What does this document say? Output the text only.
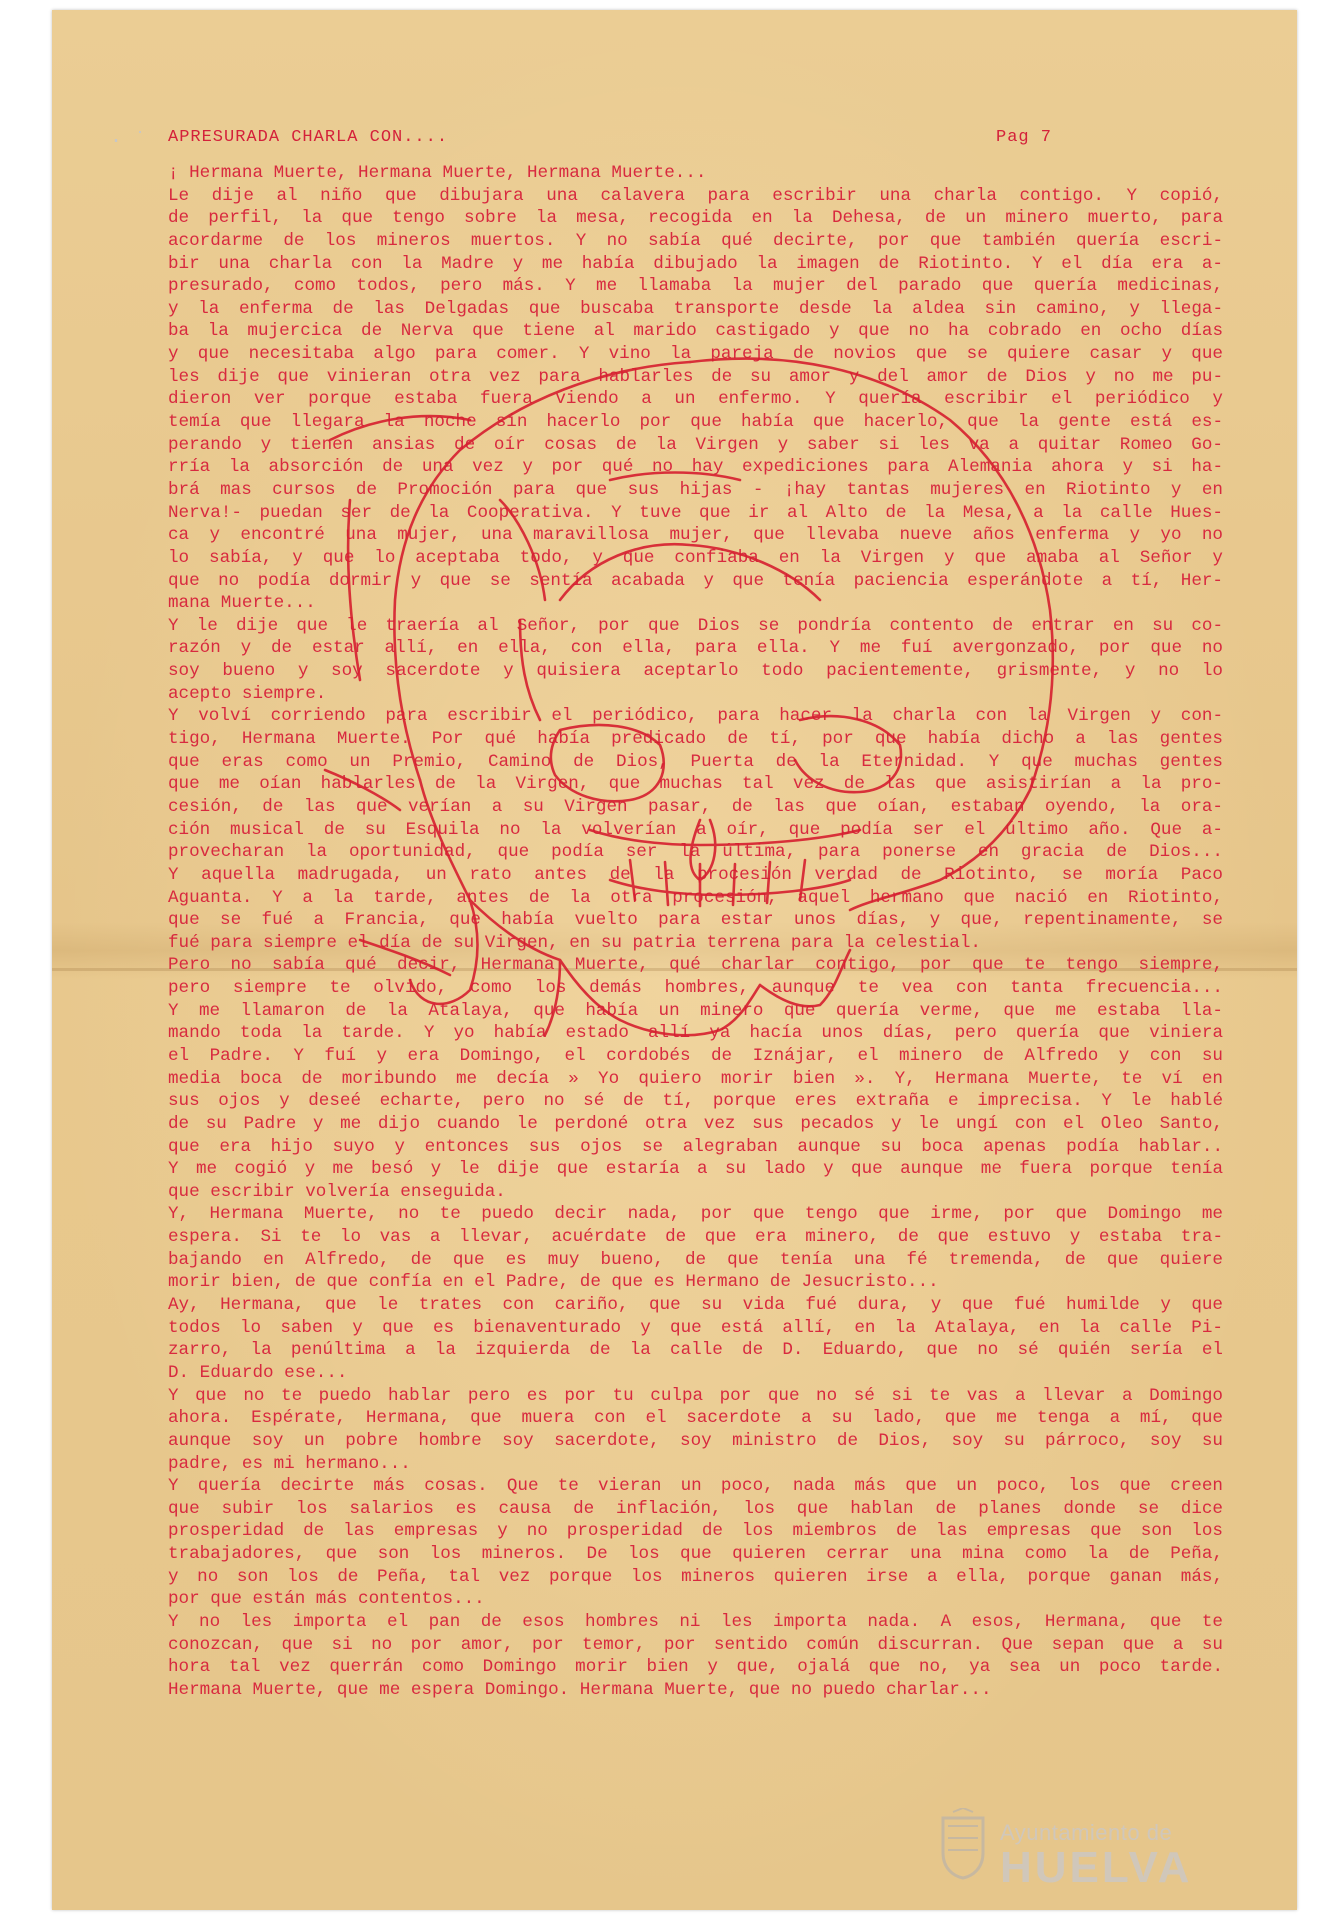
· ˙ APRESURADA CHARLA CON....	Pag 7
¡ Hermana Muerte, Hermana Muerte, Hermana Muerte...
Le dije al niño que dibujara una calavera para escribir una charla contigo. Y copió,
de perfil, la que tengo sobre la mesa, recogida en la Dehesa, de un minero muerto, para
acordarme de los mineros muertos. Y no sabía qué decirte, por que también quería escri-
bir una charla con la Madre y me había dibujado la imagen de Riotinto. Y el día era a-
presurado, como todos, pero más. Y me llamaba la mujer del parado que quería medicinas,
y la enferma de las Delgadas que buscaba transporte desde la aldea sin camino, y llega-
ba la mujercica de Nerva que tiene al marido castigado y que no ha cobrado en ocho días
y que necesitaba algo para comer. Y vino la pareja de novios que se quiere casar y que
les dije que vinieran otra vez para hablarles de su amor y del amor de Dios y no me pu-
dieron ver porque estaba fuera viendo a un enfermo. Y quería escribir el periódico y
temía que llegara la noche sin hacerlo por que había que hacerlo, que la gente está es-
perando y tienen ansias de oír cosas de la Virgen y saber si les va a quitar Romeo Go-
rría la absorción de una vez y por qué no hay expediciones para Alemania ahora y si ha-
brá mas cursos de Promoción para que sus hijas - ¡hay tantas mujeres en Riotinto y en
Nerva!- puedan ser de la Cooperativa. Y tuve que ir al Alto de la Mesa, a la calle Hues-
ca y encontré una mujer, una maravillosa mujer, que llevaba nueve años enferma y yo no
lo sabía, y que lo aceptaba todo, y que confiaba en la Virgen y que amaba al Señor y
que no podía dormir y que se sentía acabada y que tenía paciencia esperándote a tí, Her-
mana Muerte...
Y le dije que le traería al Señor, por que Dios se pondría contento de entrar en su co-
razón y de estar allí, en ella, con ella, para ella. Y me fuí avergonzado, por que no
soy bueno y soy sacerdote y quisiera aceptarlo todo pacientemente, grismente, y no lo
acepto siempre.
Y volví corriendo para escribir el periódico, para hacer la charla con la Virgen y con-
tigo, Hermana Muerte. Por qué había predicado de tí, por que había dicho a las gentes
que eras como un Premio, Camino de Dios, Puerta de la Eternidad. Y que muchas gentes
que me oían hablarles de la Virgen, que muchas tal vez de las que asistirían a la pro-
cesión, de las que verían a su Virgen pasar, de las que oían, estaban oyendo, la ora-
ción musical de su Esquila no la volverían a oír, que podía ser el último año. Que a-
provecharan la oportunidad, que podía ser la última, para ponerse en gracia de Dios...
Y aquella madrugada, un rato antes de la procesión verdad de Riotinto, se moría Paco
Aguanta. Y a la tarde, antes de la otra procesión, aquel hermano que nació en Riotinto,
que se fué a Francia, que había vuelto para estar unos días, y que, repentinamente, se
fué para siempre el día de su Virgen, en su patria terrena para la celestial.
Pero no sabía qué decir, Hermana Muerte, qué charlar contigo, por que te tengo siempre,
pero siempre te olvido, como los demás hombres, aunque te vea con tanta frecuencia...
Y me llamaron de la Atalaya, que había un minero que quería verme, que me estaba lla-
mando toda la tarde. Y yo había estado allí ya hacía unos días, pero quería que viniera
el Padre. Y fuí y era Domingo, el cordobés de Iznájar, el minero de Alfredo y con su
media boca de moribundo me decía » Yo quiero morir bien ». Y, Hermana Muerte, te ví en
sus ojos y deseé echarte, pero no sé de tí, porque eres extraña e imprecisa. Y le hablé
de su Padre y me dijo cuando le perdoné otra vez sus pecados y le ungí con el Oleo Santo,
que era hijo suyo y entonces sus ojos se alegraban aunque su boca apenas podía hablar..
Y me cogió y me besó y le dije que estaría a su lado y que aunque me fuera porque tenía
que escribir volvería enseguida.
Y, Hermana Muerte, no te puedo decir nada, por que tengo que irme, por que Domingo me
espera. Si te lo vas a llevar, acuérdate de que era minero, de que estuvo y estaba tra-
bajando en Alfredo, de que es muy bueno, de que tenía una fé tremenda, de que quiere
morir bien, de que confía en el Padre, de que es Hermano de Jesucristo...
Ay, Hermana, que le trates con cariño, que su vida fué dura, y que fué humilde y que
todos lo saben y que es bienaventurado y que está allí, en la Atalaya, en la calle Pi-
zarro, la penúltima a la izquierda de la calle de D. Eduardo, que no sé quién sería el
D. Eduardo ese...
Y que no te puedo hablar pero es por tu culpa por que no sé si te vas a llevar a Domingo
ahora. Espérate, Hermana, que muera con el sacerdote a su lado, que me tenga a mí, que
aunque soy un pobre hombre soy sacerdote, soy ministro de Dios, soy su párroco, soy su
padre, es mi hermano...
Y quería decirte más cosas. Que te vieran un poco, nada más que un poco, los que creen
que subir los salarios es causa de inflación, los que hablan de planes donde se dice
prosperidad de las empresas y no prosperidad de los miembros de las empresas que son los
trabajadores, que son los mineros. De los que quieren cerrar una mina como la de Peña,
y no son los de Peña, tal vez porque los mineros quieren irse a ella, porque ganan más,
por que están más contentos...
Y no les importa el pan de esos hombres ni les importa nada. A esos, Hermana, que te
conozcan, que si no por amor, por temor, por sentido común discurran. Que sepan que a su
hora tal vez querrán como Domingo morir bien y que, ojalá que no, ya sea un poco tarde.
Hermana Muerte, que me espera Domingo. Hermana Muerte, que no puedo charlar...
Ayuntamiento de
HUELVA
